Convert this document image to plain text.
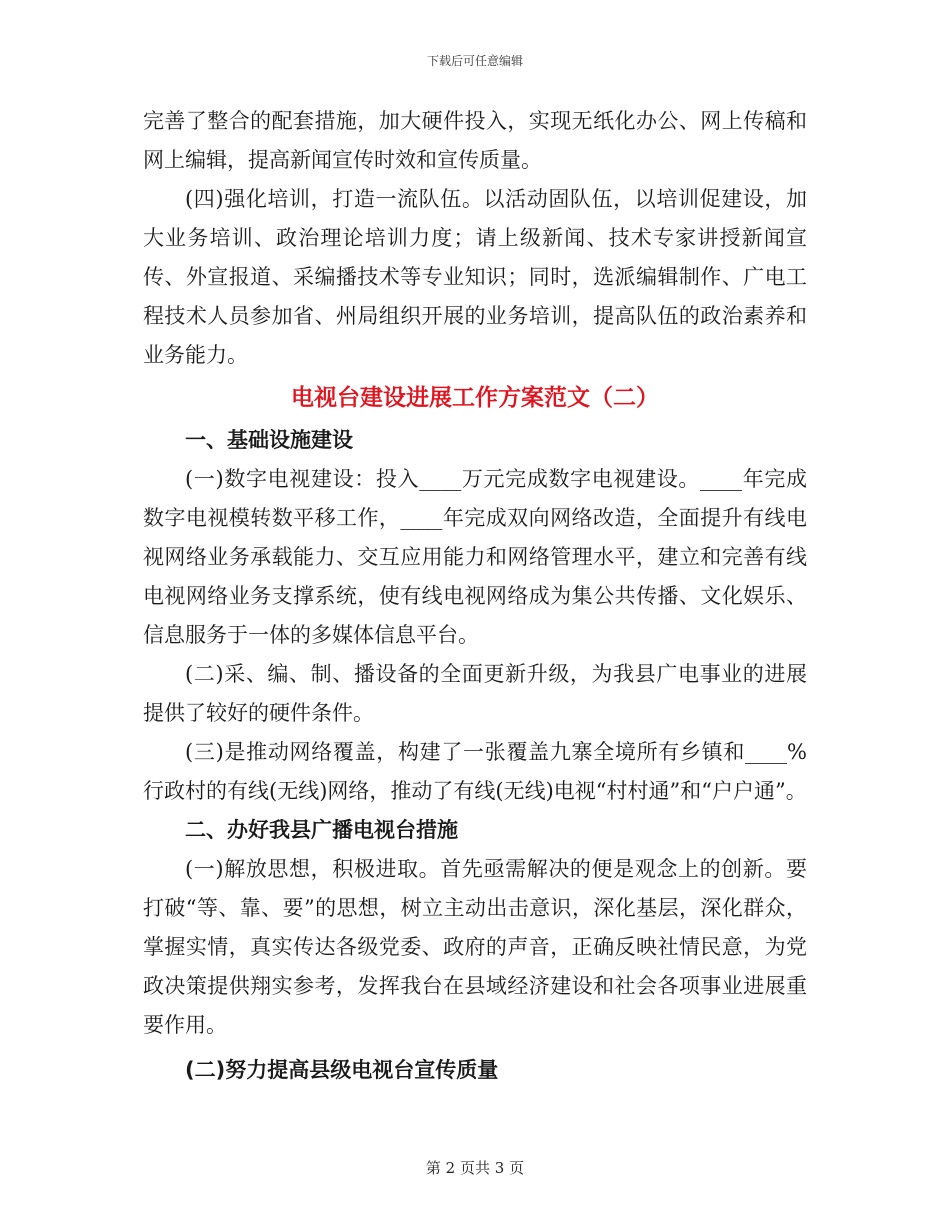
下载后可任意编辑

完善了整合的配套措施，加大硬件投入，实现无纸化办公、网上传稿和网上编辑，提高新闻宣传时效和宣传质量。

(四)强化培训，打造一流队伍。以活动固队伍，以培训促建设，加大业务培训、政治理论培训力度；请上级新闻、技术专家讲授新闻宣传、外宣报道、采编播技术等专业知识；同时，选派编辑制作、广电工程技术人员参加省、州局组织开展的业务培训，提高队伍的政治素养和业务能力。

电视台建设进展工作方案范文（二）

一、基础设施建设

(一)数字电视建设：投入____万元完成数字电视建设。____年完成数字电视模转数平移工作，____年完成双向网络改造，全面提升有线电视网络业务承载能力、交互应用能力和网络管理水平，建立和完善有线电视网络业务支撑系统，使有线电视网络成为集公共传播、文化娱乐、信息服务于一体的多媒体信息平台。

(二)采、编、制、播设备的全面更新升级，为我县广电事业的进展提供了较好的硬件条件。

(三)是推动网络覆盖，构建了一张覆盖九寨全境所有乡镇和____%行政村的有线(无线)网络，推动了有线(无线)电视“村村通”和“户户通”。

二、办好我县广播电视台措施

(一)解放思想，积极进取。首先亟需解决的便是观念上的创新。要打破“等、靠、要”的思想，树立主动出击意识，深化基层，深化群众，掌握实情，真实传达各级党委、政府的声音，正确反映社情民意，为党政决策提供翔实参考，发挥我台在县域经济建设和社会各项事业进展重要作用。

(二)努力提高县级电视台宣传质量

第 2 页共 3 页
